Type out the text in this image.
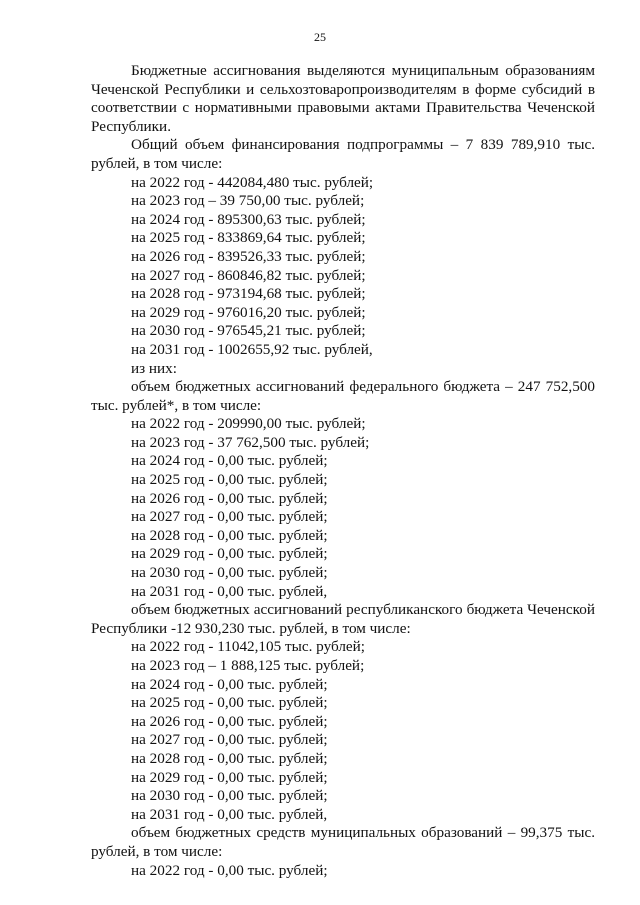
25

Бюджетные ассигнования выделяются муниципальным образованиям Чеченской Республики и сельхозтоваропроизводителям в форме субсидий в соответствии с нормативными правовыми актами Правительства Чеченской Республики.

Общий объем финансирования подпрограммы – 7 839 789,910 тыс. рублей, в том числе:

на 2022 год - 442084,480 тыс. рублей;

на 2023 год – 39 750,00 тыс. рублей;

на 2024 год - 895300,63 тыс. рублей;

на 2025 год - 833869,64 тыс. рублей;

на 2026 год - 839526,33 тыс. рублей;

на 2027 год - 860846,82 тыс. рублей;

на 2028 год - 973194,68 тыс. рублей;

на 2029 год - 976016,20 тыс. рублей;

на 2030 год - 976545,21 тыс. рублей;

на 2031 год - 1002655,92 тыс. рублей,

из них:

объем бюджетных ассигнований федерального бюджета – 247 752,500 тыс. рублей*, в том числе:

на 2022 год - 209990,00 тыс. рублей;

на 2023 год - 37 762,500 тыс. рублей;

на 2024 год - 0,00 тыс. рублей;

на 2025 год - 0,00 тыс. рублей;

на 2026 год - 0,00 тыс. рублей;

на 2027 год - 0,00 тыс. рублей;

на 2028 год - 0,00 тыс. рублей;

на 2029 год - 0,00 тыс. рублей;

на 2030 год - 0,00 тыс. рублей;

на 2031 год - 0,00 тыс. рублей,

объем бюджетных ассигнований республиканского бюджета Чеченской Республики -12 930,230 тыс. рублей, в том числе:

на 2022 год - 11042,105 тыс. рублей;

на 2023 год – 1 888,125 тыс. рублей;

на 2024 год - 0,00 тыс. рублей;

на 2025 год - 0,00 тыс. рублей;

на 2026 год - 0,00 тыс. рублей;

на 2027 год - 0,00 тыс. рублей;

на 2028 год - 0,00 тыс. рублей;

на 2029 год - 0,00 тыс. рублей;

на 2030 год - 0,00 тыс. рублей;

на 2031 год - 0,00 тыс. рублей,

объем бюджетных средств муниципальных образований – 99,375 тыс. рублей, в том числе:

на 2022 год - 0,00 тыс. рублей;
